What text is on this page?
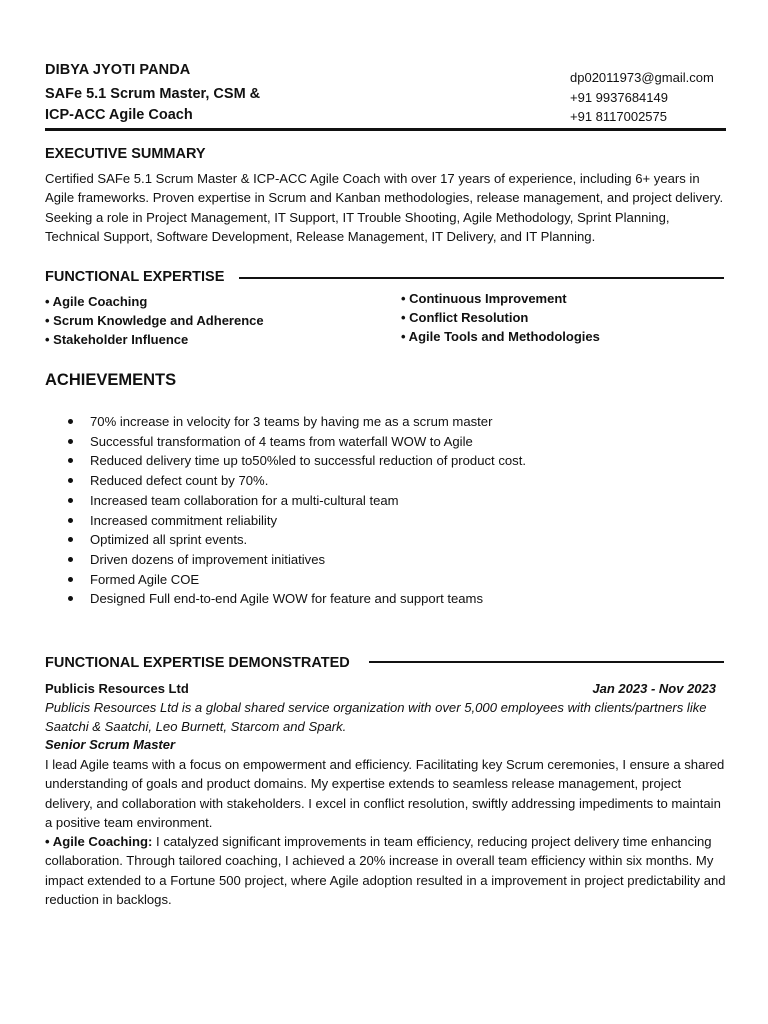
DIBYA JYOTI PANDA
SAFe 5.1 Scrum Master, CSM &
ICP-ACC Agile Coach
dp02011973@gmail.com
+91 9937684149
+91 8117002575
EXECUTIVE SUMMARY
Certified SAFe 5.1 Scrum Master & ICP-ACC Agile Coach with over 17 years of experience, including 6+ years in Agile frameworks. Proven expertise in Scrum and Kanban methodologies, release management, and project delivery. Seeking a role in Project Management, IT Support, IT Trouble Shooting, Agile Methodology, Sprint Planning, Technical Support, Software Development, Release Management, IT Delivery, and IT Planning.
FUNCTIONAL EXPERTISE
• Agile Coaching
• Scrum Knowledge and Adherence
• Stakeholder Influence
• Continuous Improvement
• Conflict Resolution
• Agile Tools and Methodologies
ACHIEVEMENTS
70% increase in velocity for 3 teams by having me as a scrum master
Successful transformation of 4 teams from waterfall WOW to Agile
Reduced delivery time up to50%led to successful reduction of product cost.
Reduced defect count by 70%.
Increased team collaboration for a multi-cultural team
Increased commitment reliability
Optimized all sprint events.
Driven dozens of improvement initiatives
Formed Agile COE
Designed Full end-to-end Agile WOW for feature and support teams
FUNCTIONAL EXPERTISE DEMONSTRATED
Publicis Resources Ltd	Jan 2023 - Nov 2023
Publicis Resources Ltd is a global shared service organization with over 5,000 employees with clients/partners like Saatchi & Saatchi, Leo Burnett, Starcom and Spark.
Senior Scrum Master
I lead Agile teams with a focus on empowerment and efficiency. Facilitating key Scrum ceremonies, I ensure a shared understanding of goals and product domains. My expertise extends to seamless release management, project delivery, and collaboration with stakeholders. I excel in conflict resolution, swiftly addressing impediments to maintain a positive team environment.
• Agile Coaching: I catalyzed significant improvements in team efficiency, reducing project delivery time enhancing collaboration. Through tailored coaching, I achieved a 20% increase in overall team efficiency within six months. My impact extended to a Fortune 500 project, where Agile adoption resulted in a improvement in project predictability and reduction in backlogs.
